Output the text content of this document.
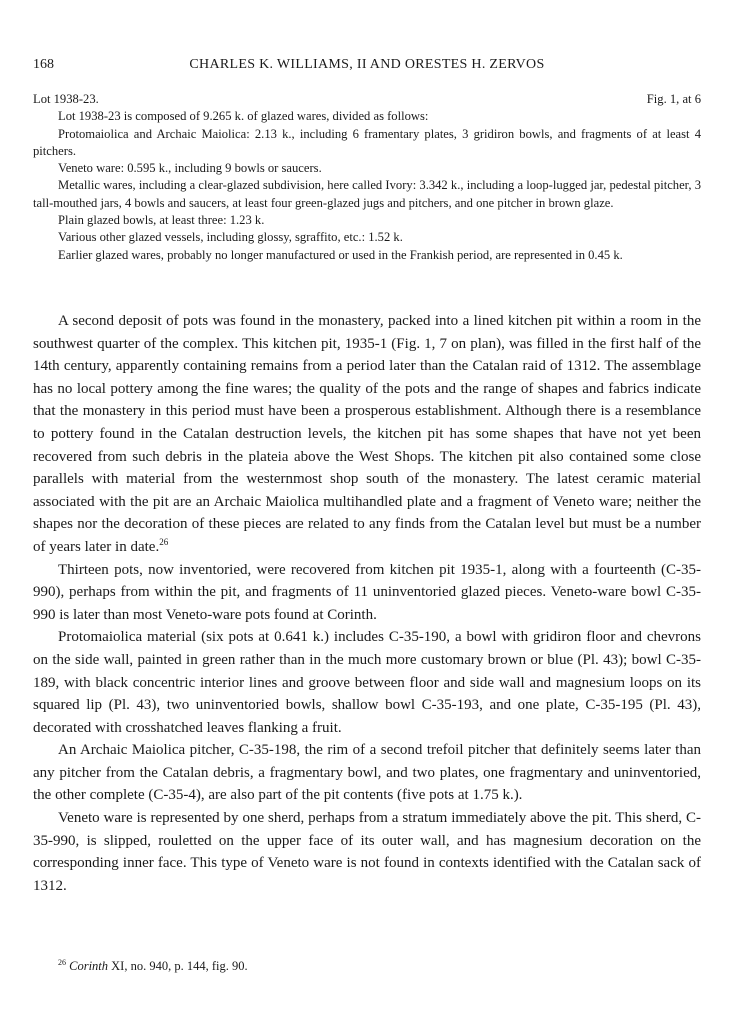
168	CHARLES K. WILLIAMS, II AND ORESTES H. ZERVOS
Lot 1938-23.	Fig. 1, at 6

Lot 1938-23 is composed of 9.265 k. of glazed wares, divided as follows:

Protomaiolica and Archaic Maiolica: 2.13 k., including 6 framentary plates, 3 gridiron bowls, and fragments of at least 4 pitchers.

Veneto ware: 0.595 k., including 9 bowls or saucers.

Metallic wares, including a clear-glazed subdivision, here called Ivory: 3.342 k., including a loop-lugged jar, pedestal pitcher, 3 tall-mouthed jars, 4 bowls and saucers, at least four green-glazed jugs and pitchers, and one pitcher in brown glaze.

Plain glazed bowls, at least three: 1.23 k.

Various other glazed vessels, including glossy, sgraffito, etc.: 1.52 k.

Earlier glazed wares, probably no longer manufactured or used in the Frankish period, are represented in 0.45 k.

A second deposit of pots was found in the monastery, packed into a lined kitchen pit within a room in the southwest quarter of the complex. This kitchen pit, 1935-1 (Fig. 1, 7 on plan), was filled in the first half of the 14th century, apparently containing remains from a period later than the Catalan raid of 1312. The assemblage has no local pottery among the fine wares; the quality of the pots and the range of shapes and fabrics indicate that the monastery in this period must have been a prosperous establishment. Although there is a resemblance to pottery found in the Catalan destruction levels, the kitchen pit has some shapes that have not yet been recovered from such debris in the plateia above the West Shops. The kitchen pit also contained some close parallels with material from the westernmost shop south of the monastery. The latest ceramic material associated with the pit are an Archaic Maiolica multihandled plate and a fragment of Veneto ware; neither the shapes nor the decoration of these pieces are related to any finds from the Catalan level but must be a number of years later in date.$^{26}$

Thirteen pots, now inventoried, were recovered from kitchen pit 1935-1, along with a fourteenth (C-35-990), perhaps from within the pit, and fragments of 11 uninventoried glazed pieces. Veneto-ware bowl C-35-990 is later than most Veneto-ware pots found at Corinth.

Protomaiolica material (six pots at 0.641 k.) includes C-35-190, a bowl with gridiron floor and chevrons on the side wall, painted in green rather than in the much more customary brown or blue (Pl. 43); bowl C-35-189, with black concentric interior lines and groove between floor and side wall and magnesium loops on its squared lip (Pl. 43), two uninventoried bowls, shallow bowl C-35-193, and one plate, C-35-195 (Pl. 43), decorated with crosshatched leaves flanking a fruit.

An Archaic Maiolica pitcher, C-35-198, the rim of a second trefoil pitcher that definitely seems later than any pitcher from the Catalan debris, a fragmentary bowl, and two plates, one fragmentary and uninventoried, the other complete (C-35-4), are also part of the pit contents (five pots at 1.75 k.).

Veneto ware is represented by one sherd, perhaps from a stratum immediately above the pit. This sherd, C-35-990, is slipped, rouletted on the upper face of its outer wall, and has magnesium decoration on the corresponding inner face. This type of Veneto ware is not found in contexts identified with the Catalan sack of 1312.

$^{26}$ Corinth XI, no. 940, p. 144, fig. 90.
